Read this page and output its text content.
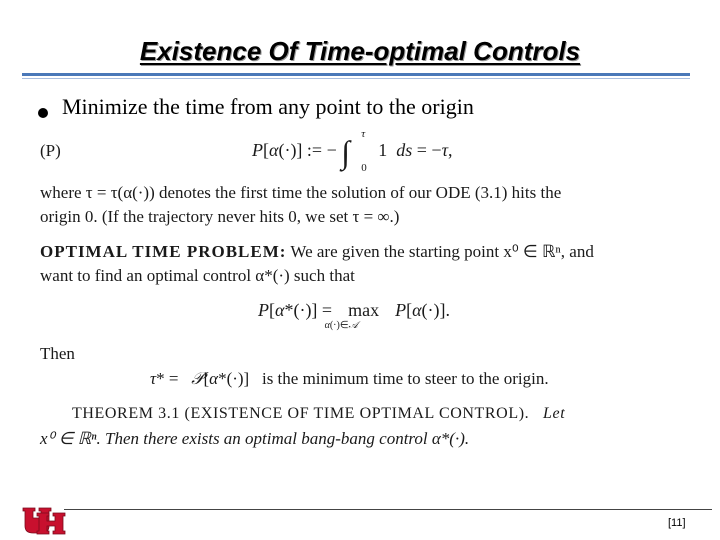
Existence Of Time-optimal Controls
Minimize the time from any point to the origin
(P)	P[α(·)] := − ∫ τ
0
1  ds = −τ,
where τ = τ(α(·)) denotes the first time the solution of our ODE (3.1) hits the
origin 0. (If the trajectory never hits 0, we set τ = ∞.)
OPTIMAL TIME PROBLEM: We are given the starting point x⁰ ∈ ℝⁿ, and
want to find an optimal control α*(·) such that
P[α*(·)] = max
α(·)∈𝒜
P[α(·)].
Then
τ* =   𝒫[α*(·)]   is the minimum time to steer to the origin.
THEOREM 3.1 (EXISTENCE OF TIME OPTIMAL CONTROL). Let
x⁰ ∈ ℝⁿ. Then there exists an optimal bang-bang control α*(·).
[11]
